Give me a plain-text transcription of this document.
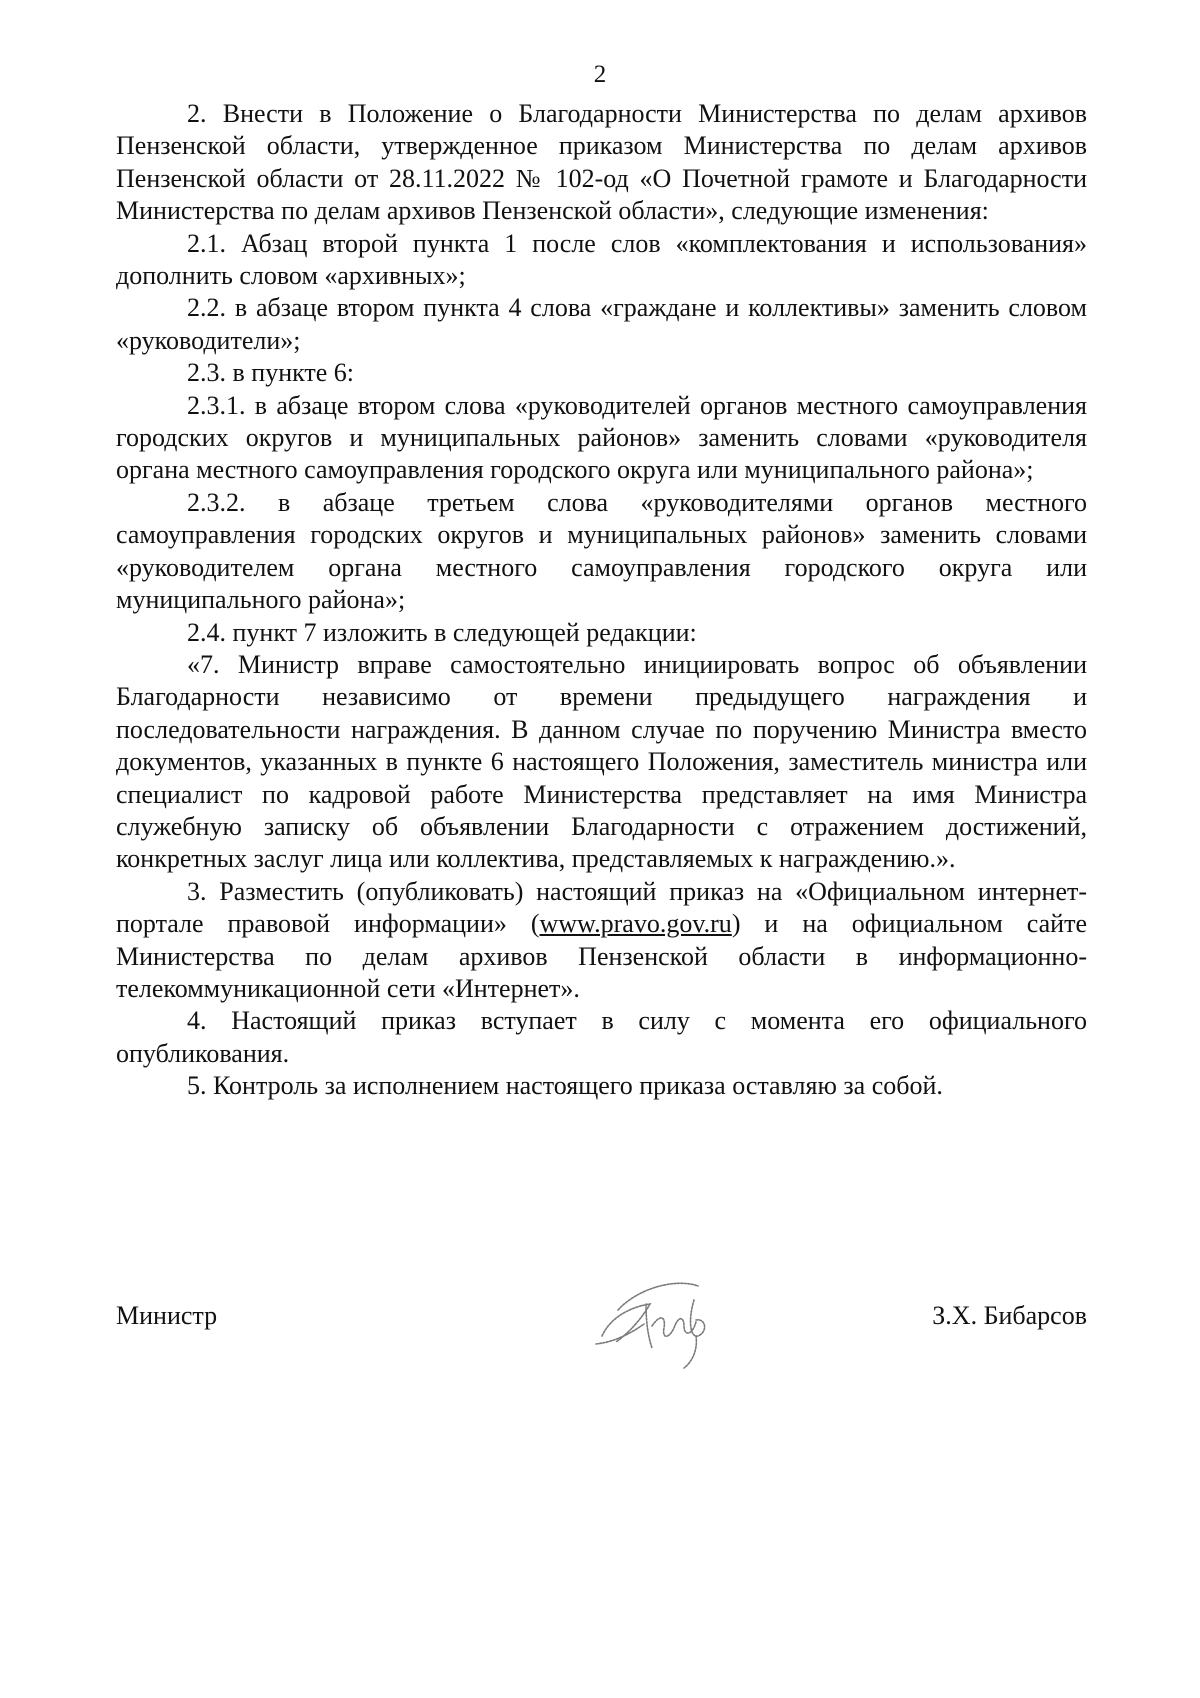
2

2. Внести в Положение о Благодарности Министерства по делам архивов Пензенской области, утвержденное приказом Министерства по делам архивов Пензенской области от 28.11.2022 № 102-од «О Почетной грамоте и Благодарности Министерства по делам архивов Пензенской области», следующие изменения:

2.1. Абзац второй пункта 1 после слов «комплектования и использования» дополнить словом «архивных»;

2.2. в абзаце втором пункта 4 слова «граждане и коллективы» заменить словом «руководители»;

2.3. в пункте 6:

2.3.1. в абзаце втором слова «руководителей органов местного самоуправления городских округов и муниципальных районов» заменить словами «руководителя органа местного самоуправления городского округа или муниципального района»;

2.3.2. в абзаце третьем слова «руководителями органов местного самоуправления городских округов и муниципальных районов» заменить словами «руководителем органа местного самоуправления городского округа или муниципального района»;

2.4. пункт 7 изложить в следующей редакции:

«7. Министр вправе самостоятельно инициировать вопрос об объявлении Благодарности независимо от времени предыдущего награждения и последовательности награждения. В данном случае по поручению Министра вместо документов, указанных в пункте 6 настоящего Положения, заместитель министра или специалист по кадровой работе Министерства представляет на имя Министра служебную записку об объявлении Благодарности с отражением достижений, конкретных заслуг лица или коллектива, представляемых к награждению.».

3. Разместить (опубликовать) настоящий приказ на «Официальном интернет-портале правовой информации» (www.pravo.gov.ru) и на официальном сайте Министерства по делам архивов Пензенской области в информационно-телекоммуникационной сети «Интернет».

4. Настоящий приказ вступает в силу с момента его официального опубликования.

5. Контроль за исполнением настоящего приказа оставляю за собой.

Министр	З.Х. Бибарсов
